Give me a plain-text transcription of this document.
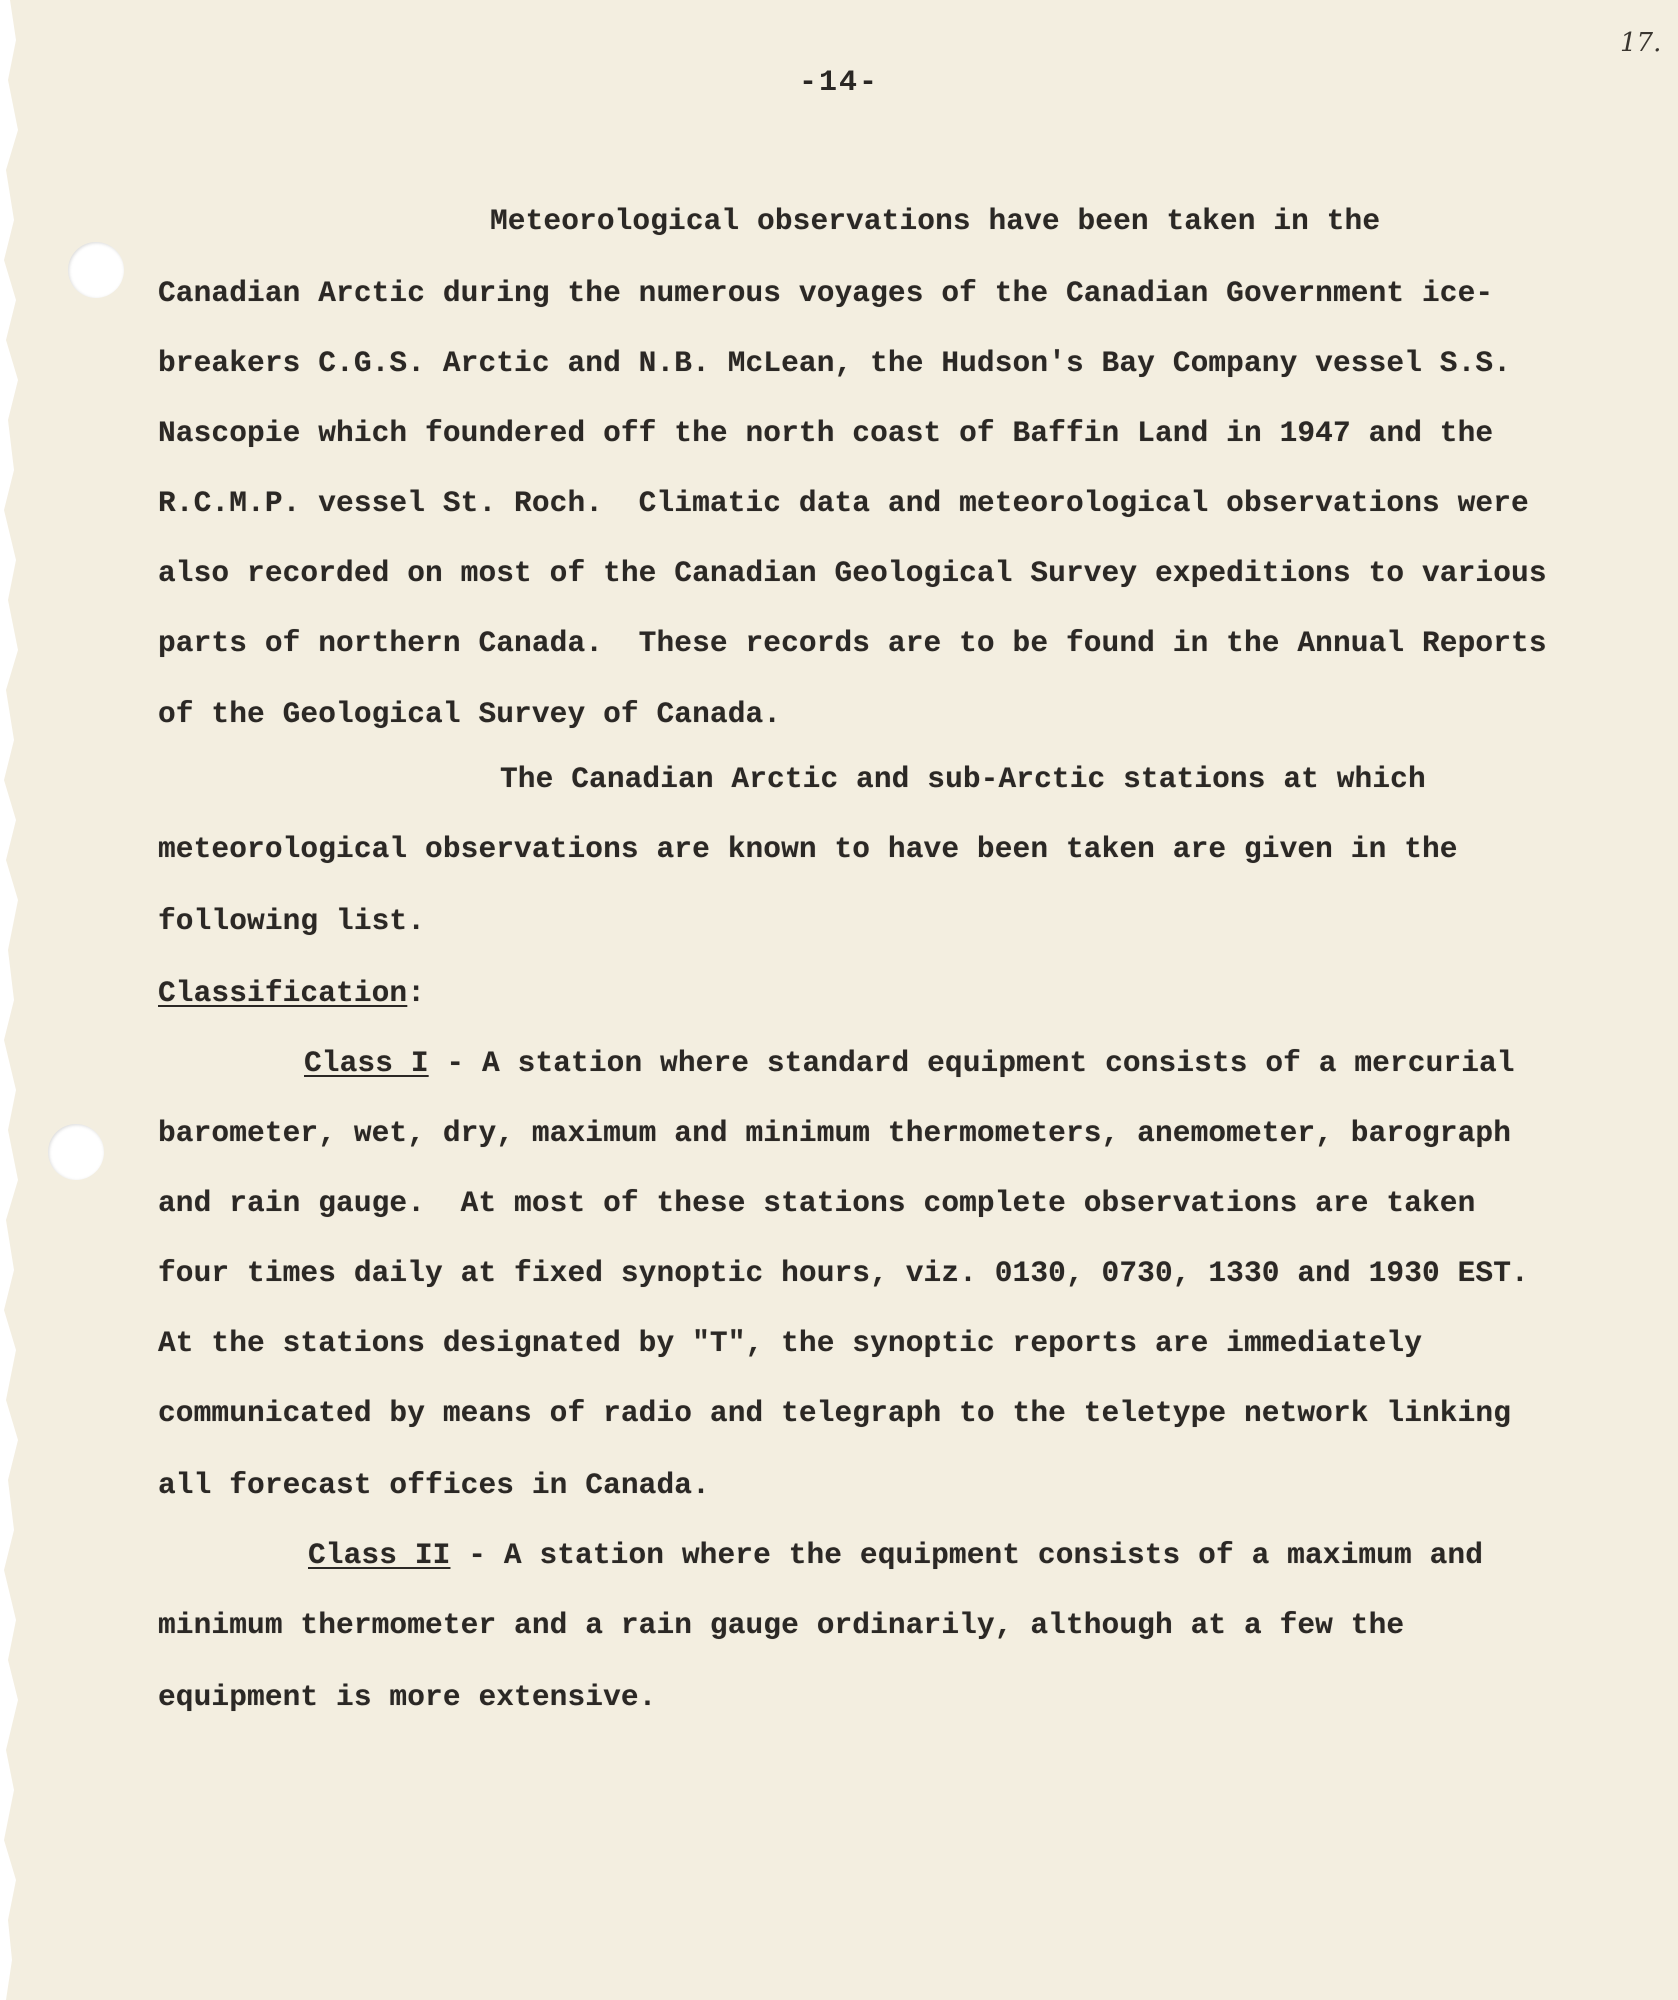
17.
-14-
Meteorological observations have been taken in the
Canadian Arctic during the numerous voyages of the Canadian Government ice-
breakers C.G.S. Arctic and N.B. McLean, the Hudson's Bay Company vessel S.S.
Nascopie which foundered off the north coast of Baffin Land in 1947 and the
R.C.M.P. vessel St. Roch.  Climatic data and meteorological observations were
also recorded on most of the Canadian Geological Survey expeditions to various
parts of northern Canada.  These records are to be found in the Annual Reports
of the Geological Survey of Canada.
The Canadian Arctic and sub-Arctic stations at which
meteorological observations are known to have been taken are given in the
following list.
Classification:
Class I - A station where standard equipment consists of a mercurial
barometer, wet, dry, maximum and minimum thermometers, anemometer, barograph
and rain gauge.  At most of these stations complete observations are taken
four times daily at fixed synoptic hours, viz. 0130, 0730, 1330 and 1930 EST.
At the stations designated by "T", the synoptic reports are immediately
communicated by means of radio and telegraph to the teletype network linking
all forecast offices in Canada.
Class II - A station where the equipment consists of a maximum and
minimum thermometer and a rain gauge ordinarily, although at a few the
equipment is more extensive.
